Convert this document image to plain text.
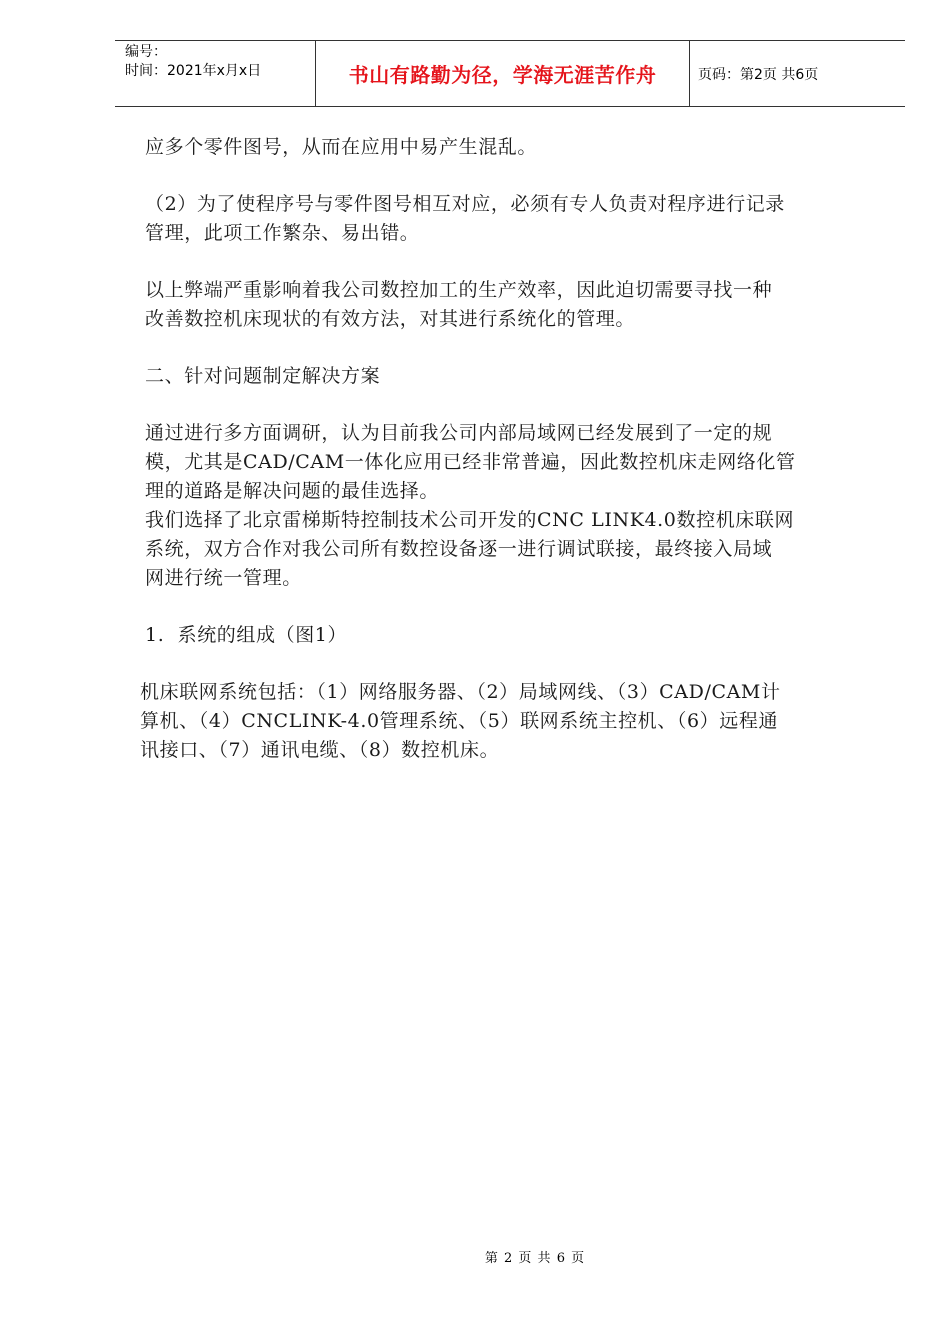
编号：
时间：2021年x月x日	书山有路勤为径，学海无涯苦作舟	页码：第2页 共6页

应多个零件图号，从而在应用中易产生混乱。

（2）为了使程序号与零件图号相互对应，必须有专人负责对程序进行记录

管理，此项工作繁杂、易出错。

以上弊端严重影响着我公司数控加工的生产效率，因此迫切需要寻找一种

改善数控机床现状的有效方法，对其进行系统化的管理。

二、针对问题制定解决方案

通过进行多方面调研，认为目前我公司内部局域网已经发展到了一定的规

模，尤其是CAD/CAM一体化应用已经非常普遍，因此数控机床走网络化管

理的道路是解决问题的最佳选择。

我们选择了北京雷梯斯特控制技术公司开发的CNC LINK4.0数控机床联网

系统，双方合作对我公司所有数控设备逐一进行调试联接，最终接入局域

网进行统一管理。

1.  系统的组成（图1）

机床联网系统包括：（1）网络服务器、（2）局域网线、（3）CAD/CAM计

算机、（4）CNCLINK-4.0管理系统、（5）联网系统主控机、（6）远程通

讯接口、（7）通讯电缆、（8）数控机床。

第 2 页 共 6 页
